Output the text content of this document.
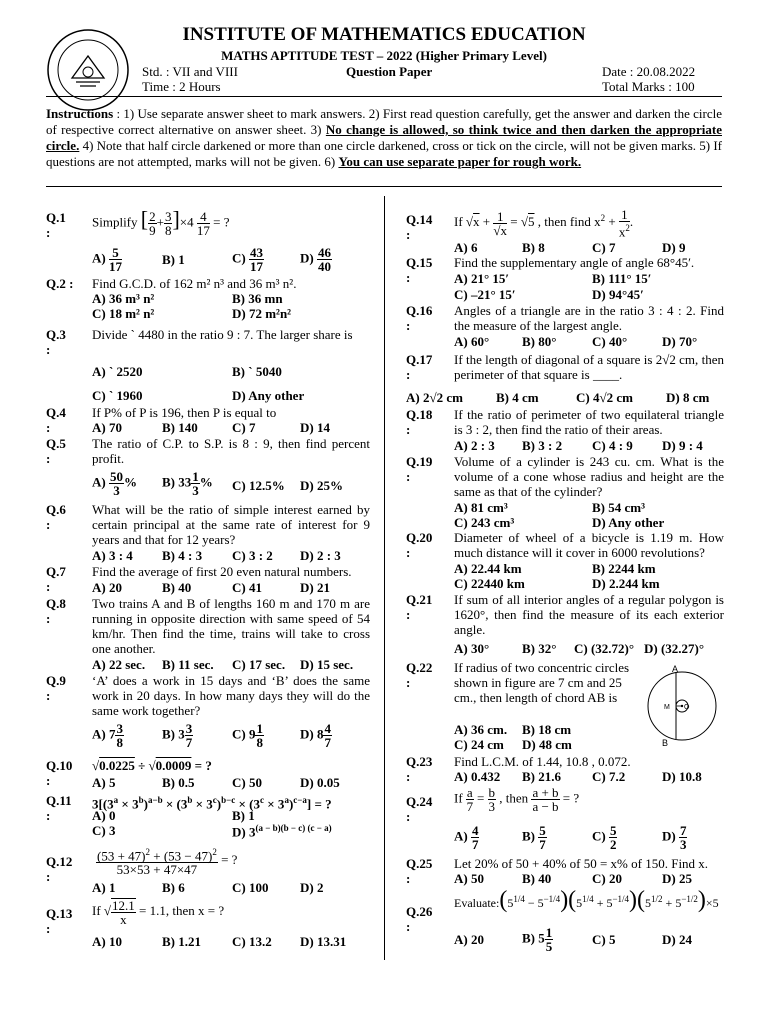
INSTITUTE OF MATHEMATICS EDUCATION
MATHS APTITUDE TEST – 2022 (Higher Primary Level)
Std. : VII and VIII	Question Paper	Date : 20.08.2022
Time : 2 Hours	Total Marks : 100
Instructions : 1) Use separate answer sheet to mark answers. 2) First read question carefully, get the answer and darken the circle of respective correct alternative on answer sheet. 3) No change is allowed, so think twice and then darken the appropriate circle. 4) Note that half circle darkened or more than one circle darkened, cross or tick on the circle, will not be given marks. 5) If questions are not attempted, marks will not be given. 6) You can use separate paper for rough work.
Q.1 :
Simplify [ $\frac{2}{9} + \frac{3}{8} ]\times 4 \frac{4}{17}$ = ?
$A) \frac{5}{17}$	B) 1	$C) \frac{43}{17}$	$D) \frac{46}{40}$
Q.2 : Find G.C.D. of 162 m² n³ and 36 m³ n².
A) 36 m³ n²	B) 36 mn
C) 18 m² n²	D) 72 m²n²
Q.3 :
Divide ` 4480 in the ratio 9 : 7. The larger share is
A) ` 2520	B) ` 5040
C) ` 1960	D) Any other
Q.4 :
If P% of P is 196, then P is equal to
A) 70	B) 140	C) 7	D) 14
Q.5 :
The ratio of C.P. to S.P. is 8 : 9, then find percent profit.
$A) \frac{50}{3}$ % B) $33 \frac{1}{3}$ % C) 12.5% D) 25%
Q.6 :
What will be the ratio of simple interest earned by certain principal at the same rate of interest for 9 years and that for 12 years?
A) 3 : 4 B) 4 : 3 C) 3 : 2 D) 2 : 3
Q.7 :
Find the average of first 20 even natural numbers.
A) 20	B) 40	C) 41	D) 21
Q.8 :
Two trains A and B of lengths 160 m and 170 m are running in opposite direction with same speed of 54 km/hr. Then find the time, trains will take to cross one another.
A) 22 sec. B) 11 sec. C) 17 sec. D) 15 sec.
Q.9 :
‘A’ does a work in 15 days and ‘B’ does the same work in 20 days. In how many days they will do the same work together?
A) $7 \frac{3}{8}$	B) $3 \frac{3}{7}$	C) $9 \frac{1}{8}$	D) $8 \frac{4}{7}$
Q.10 :
√0.0225 ÷ √0.0009 = ?
A) 5	B) 0.5	C) 50	D) 0.05
Q.11 :
$3[(3^a \times 3^b)^{a-b} \times (3^b \times 3^c)^{b-c} \times (3^c \times 3^a)^{c-a}]$ = ?
A) 0	B) 1
C) 3	D) $3^{(a - b)(b - c) (c - a)}$
Q.12 :
$\frac{(53 + 47)^2 + (53 - 47)^2}{53\times 53 + 47\times 47}$ = ?
A) 1	B) 6	C) 100 D) 2
Q.13 :
If √ $\frac{12.1}{x} = 1.1$, then x = ?
A) 10	B) 1.21 C) 13.2 D) 13.31
Q.14 :
If $√x + \frac{1}{√x} = √5$ , then find $x^2 + \frac{1}{x^2}$ .
A) 6	B) 8	C) 7	D) 9
Q.15 :
Find the supplementary angle of angle 68°45′.
A) 21° 15′	B) 111° 15′
C) –21° 15′	D) 94°45′
Q.16 :
Angles of a triangle are in the ratio 3 : 4 : 2. Find the measure of the largest angle.
A) 60°	B) 80°	C) 40°	D) 70°
Q.17 :
If the length of diagonal of a square is 2√2 cm, then perimeter of that square is ____.
A) 2√2 cm	B) 4 cm	C) 4√2 cm	D) 8 cm
Q.18 :
If the ratio of perimeter of two equilateral triangle is 3 : 2, then find the ratio of their areas.
A) 2 : 3 B) 3 : 2 C) 4 : 9 D) 9 : 4
Q.19 :
Volume of a cylinder is 243 cu. cm. What is the volume of a cone whose radius and height are the same as that of the cylinder?
A) 81 cm³	B) 54 cm³
C) 243 cm³	D) Any other
Q.20 :
Diameter of wheel of a bicycle is 1.19 m. How much distance will it cover in 6000 revolutions?
A) 22.44 km	B) 2244 km
C) 22440 km	D) 2.244 km
Q.21 :
If sum of all interior angles of a regular polygon is 1620°, then find the measure of its each exterior angle.
A) 30°	B) 32° C) (32.72)° D) (32.27)°
Q.22 :
If radius of two concentric circles shown in figure are 7 cm and 25 cm., then length of chord AB is
A
M O
B
A) 36 cm. B) 18 cm
C) 24 cm D) 48 cm
Q.23 :
Find L.C.M. of 1.44, 10.8 , 0.072.
A) 0.432 B) 21.6 C) 7.2	D) 10.8
Q.24 :
If $\frac{a}{7} = \frac{b}{3}$ , then $\frac{a + b}{a - b}$ = ?
$A) \frac{4}{7}$	$B) \frac{5}{7}$	$C) \frac{5}{2}$	$D) \frac{7}{3}$
Q.25 :
Let 20% of 50 + 40% of 50 = x% of 150. Find x.
A) 50	B) 40	C) 20	D) 25
Q.26 :
$Evaluate:(5^{1/4} - 5^{-1/4})(5^{1/4} + 5^{-1/4})(5^{1/2} + 5^{-1/2})\times 5$
A) 20	B) $5 \frac{1}{5}$	C) 5	D) 24
